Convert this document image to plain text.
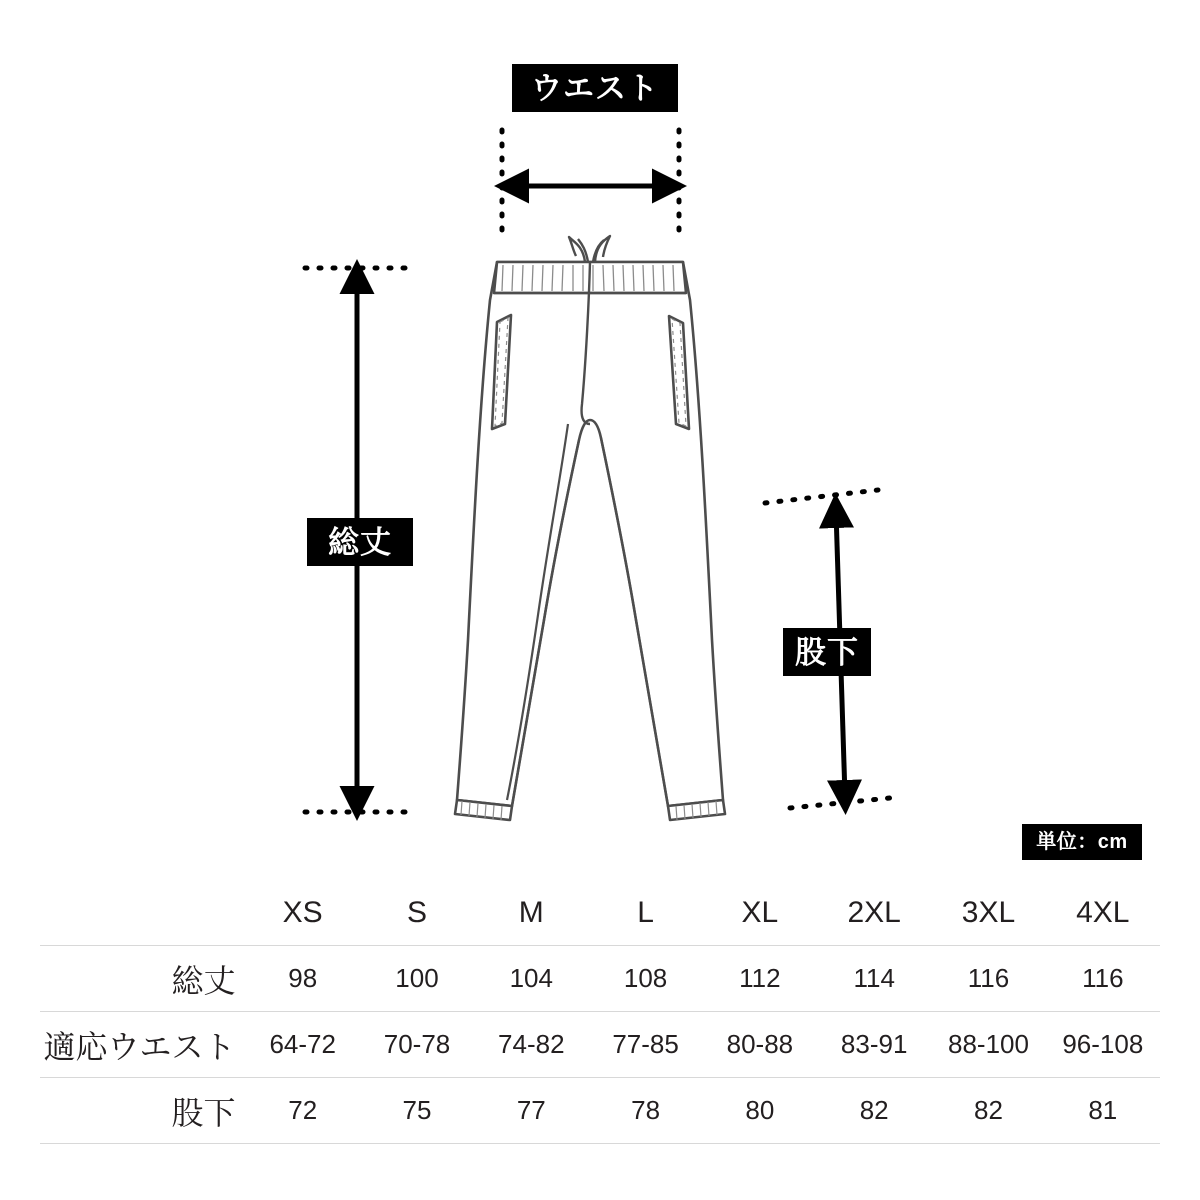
ウエスト
総丈
股下
単位：cm
	XS	S	M	L	XL	2XL	3XL	4XL
総丈	98	100	104	108	112	114	116	116
適応ウエスト	64-72	70-78	74-82	77-85	80-88	83-91	88-100	96-108
股下	72	75	77	78	80	82	82	81
